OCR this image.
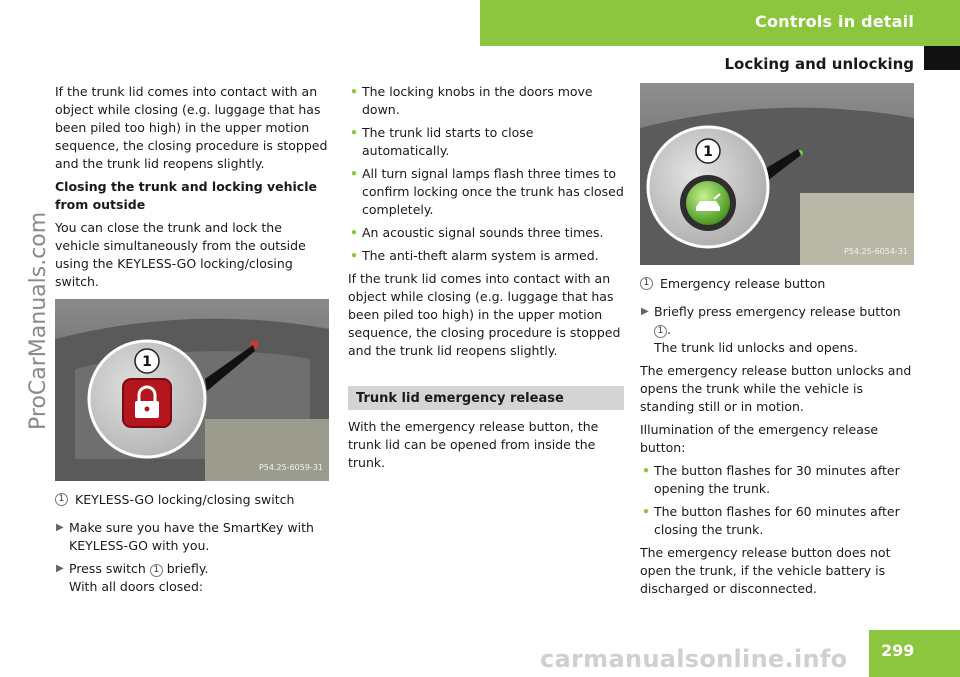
Controls in detail
Locking and unlocking
ProCarManuals.com

If the trunk lid comes into contact with an object while closing (e.g. luggage that has been piled too high) in the upper motion sequence, the closing procedure is stopped and the trunk lid reopens slightly.

Closing the trunk and locking vehicle from outside

You can close the trunk and lock the vehicle simultaneously from the outside using the KEYLESS-GO locking/closing switch.

1
P54.25-6059-31
1 KEYLESS-GO locking/closing switch
▶ Make sure you have the SmartKey with KEYLESS-GO with you.
▶ Press switch 1 briefly.
With all doors closed:
• The locking knobs in the doors move down.
• The trunk lid starts to close automatically.
• All turn signal lamps flash three times to confirm locking once the trunk has closed completely.
• An acoustic signal sounds three times.
• The anti-theft alarm system is armed.

If the trunk lid comes into contact with an object while closing (e.g. luggage that has been piled too high) in the upper motion sequence, the closing procedure is stopped and the trunk lid reopens slightly.

Trunk lid emergency release

With the emergency release button, the trunk lid can be opened from inside the trunk.

1
P54.25-6054-31
1 Emergency release button
▶ Briefly press emergency release button
1 .
The trunk lid unlocks and opens.

The emergency release button unlocks and opens the trunk while the vehicle is standing still or in motion.

Illumination of the emergency release button:

• The button flashes for 30 minutes after opening the trunk.
• The button flashes for 60 minutes after closing the trunk.

The emergency release button does not open the trunk, if the vehicle battery is discharged or disconnected.

299
carmanualsonline.info
